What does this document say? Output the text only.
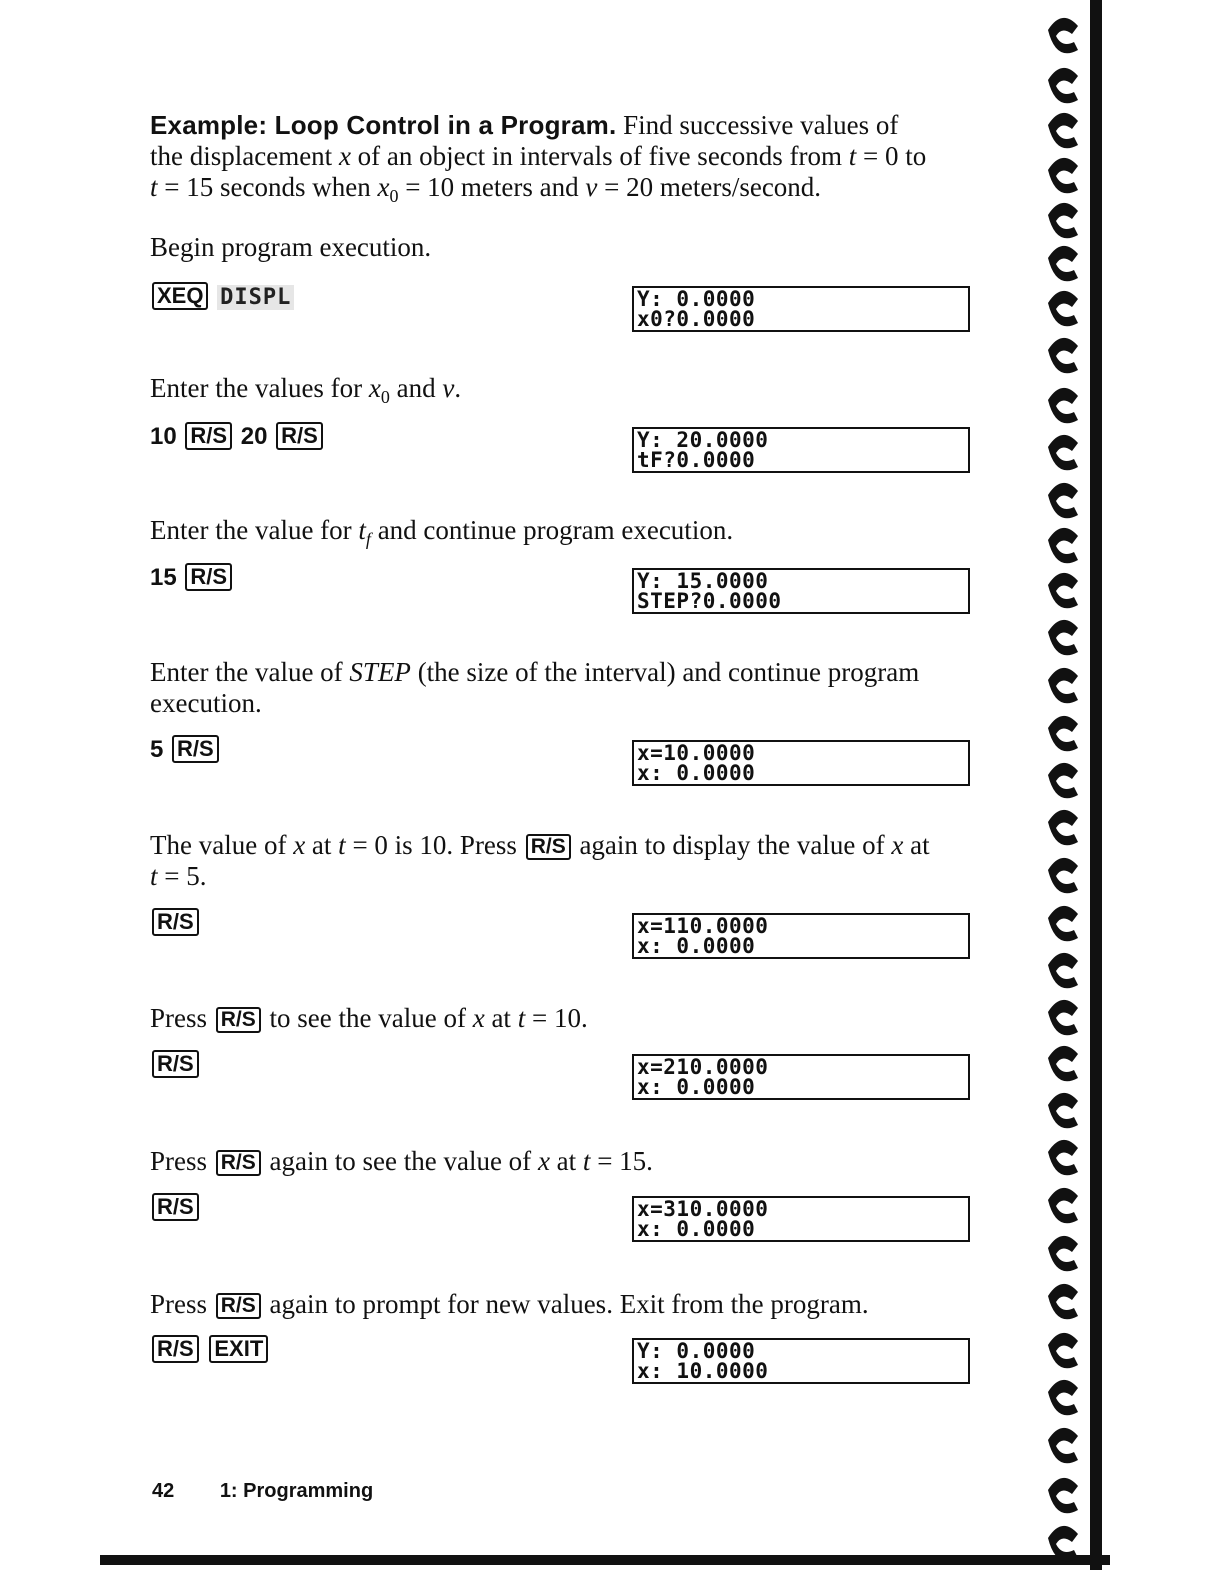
Example: Loop Control in a Program. Find successive values of
the displacement x of an object in intervals of five seconds from t = 0 to
t = 15 seconds when $x_0 = 10$ meters and v = 20 meters/second.
Begin program execution.
XEQ DISPL	Y: 0.0000
x0?0.0000
Enter the values for $x_0$ and v.
10 R/S 20 R/S	Y: 20.0000
tF?0.0000
Enter the value for $t_f$ and continue program execution.
15 R/S	Y: 15.0000
STEP?0.0000
Enter the value of STEP (the size of the interval) and continue program
execution.
5 R/S	x=10.0000
x: 0.0000
The value of x at t = 0 is 10. Press R/S again to display the value of x at
t = 5.
R/S	x=110.0000
x: 0.0000
Press R/S to see the value of x at t = 10.
R/S	x=210.0000
x: 0.0000
Press R/S again to see the value of x at t = 15.
R/S	x=310.0000
x: 0.0000
Press R/S again to prompt for new values. Exit from the program.
R/S EXIT	Y: 0.0000
x: 10.0000
42 1: Programming
